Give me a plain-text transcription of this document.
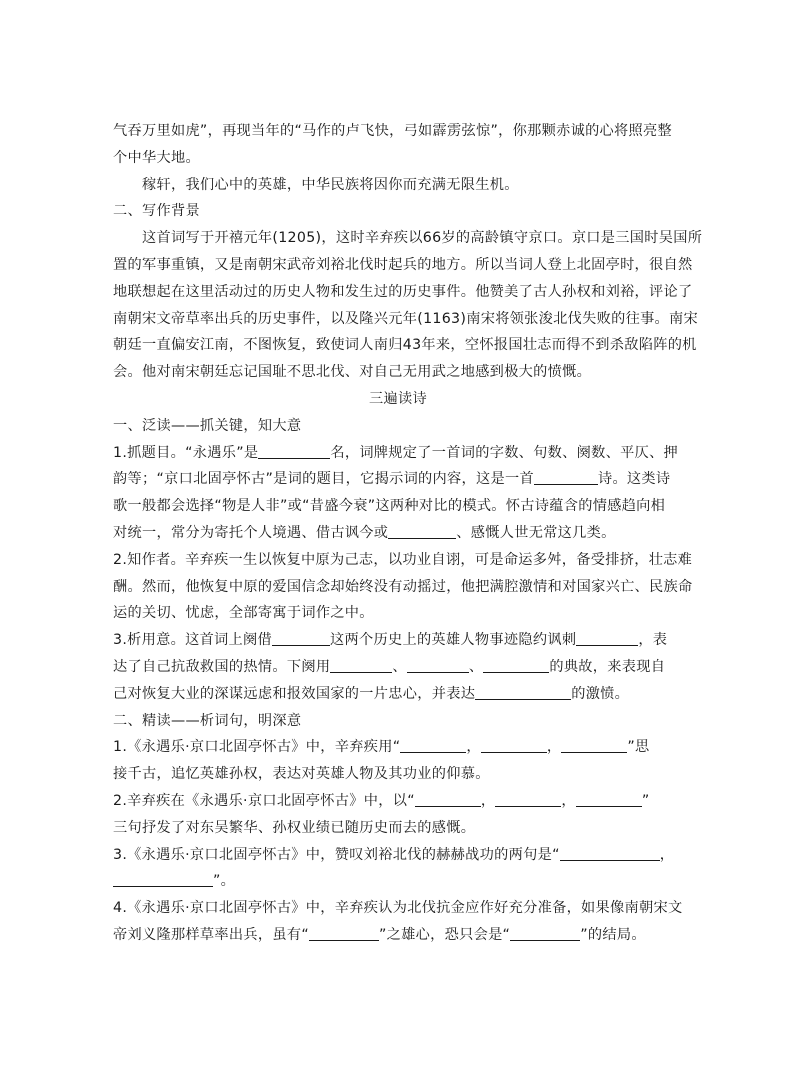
气吞万里如虎”，再现当年的“马作的卢飞快，弓如霹雳弦惊”，你那颗赤诚的心将照亮整
个中华大地。
稼轩，我们心中的英雄，中华民族将因你而充满无限生机。
二、写作背景
这首词写于开禧元年(1205)，这时辛弃疾以66岁的高龄镇守京口。京口是三国时吴国所
置的军事重镇，又是南朝宋武帝刘裕北伐时起兵的地方。所以当词人登上北固亭时，很自然
地联想起在这里活动过的历史人物和发生过的历史事件。他赞美了古人孙权和刘裕，评论了
南朝宋文帝草率出兵的历史事件，以及隆兴元年(1163)南宋将领张浚北伐失败的往事。南宋
朝廷一直偏安江南，不图恢复，致使词人南归43年来，空怀报国壮志而得不到杀敌陷阵的机
会。他对南宋朝廷忘记国耻不思北伐、对自己无用武之地感到极大的愤慨。
三遍读诗
一、泛读——抓关键，知大意
1.抓题目。“永遇乐”是	名，词牌规定了一首词的字数、句数、阕数、平仄、押
韵等；“京口北固亭怀古”是词的题目，它揭示词的内容，这是一首	诗。这类诗
歌一般都会选择“物是人非”或“昔盛今衰”这两种对比的模式。怀古诗蕴含的情感趋向相
对统一，常分为寄托个人境遇、借古讽今或	、感慨人世无常这几类。
2.知作者。辛弃疾一生以恢复中原为己志，以功业自诩，可是命运多舛，备受排挤，壮志难
酬。然而，他恢复中原的爱国信念却始终没有动摇过，他把满腔激情和对国家兴亡、民族命
运的关切、忧虑，全部寄寓于词作之中。
3.析用意。这首词上阕借	这两个历史上的英雄人物事迹隐约讽刺	，表
达了自己抗敌救国的热情。下阕用	、	、	的典故，来表现自
己对恢复大业的深谋远虑和报效国家的一片忠心，并表达	的激愤。
二、精读——析词句，明深意
1.《永遇乐·京口北固亭怀古》中，辛弃疾用“	，	，	”思
接千古，追忆英雄孙权，表达对英雄人物及其功业的仰慕。
2.辛弃疾在《永遇乐·京口北固亭怀古》中，以“	，	，	”
三句抒发了对东吴繁华、孙权业绩已随历史而去的感慨。
3.《永遇乐·京口北固亭怀古》中，赞叹刘裕北伐的赫赫战功的两句是“	，
”。
4.《永遇乐·京口北固亭怀古》中，辛弃疾认为北伐抗金应作好充分准备，如果像南朝宋文
帝刘义隆那样草率出兵，虽有“	”之雄心，恐只会是“	”的结局。
